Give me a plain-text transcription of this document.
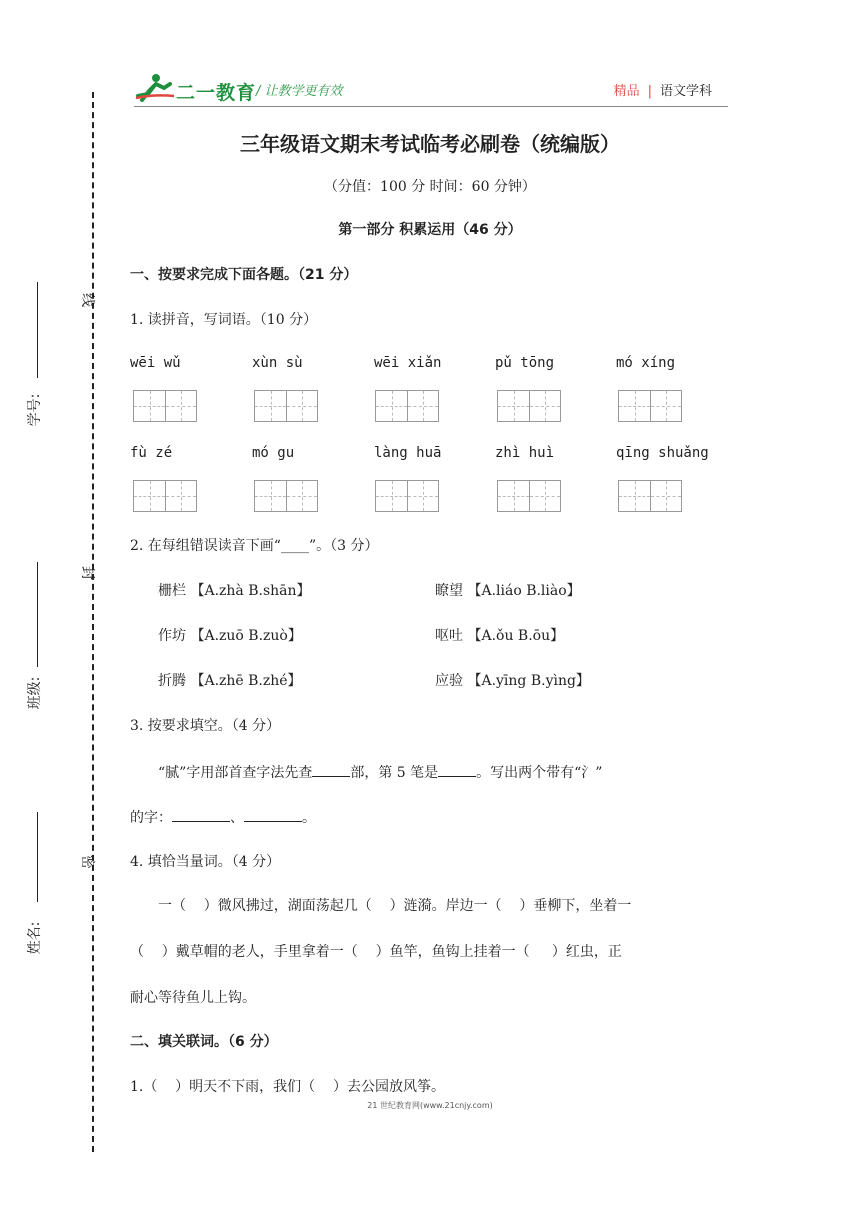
二一教育 / 让教学更有效	精品 | 语文学科
线
封
密
学号:
班级:
姓名:
三年级语文期末考试临考必刷卷（统编版）
（分值：100 分 时间：60 分钟）
第一部分 积累运用（46 分）
一、按要求完成下面各题。（21 分）
1. 读拼音，写词语。（10 分）
wēi wǔ	xùn sù	wēi xiǎn	pǔ tōng	mó xíng
fù zé	mó gu	làng huā	zhì huì	qīng shuǎng
2. 在每组错误读音下画“____”。（3 分）
栅栏 【A.zhà B.shān】	瞭望 【A.liáo B.liào】
作坊 【A.zuō B.zuò】	呕吐 【A.ǒu B.ōu】
折腾 【A.zhē B.zhé】	应验 【A.yīng B.yìng】
3. 按要求填空。（4 分）
“腻”字用部首查字法先查	部，第 5 笔是	。写出两个带有“氵”
的字：	、	。
4. 填恰当量词。（4 分）
一（    ）微风拂过，湖面荡起几（    ）涟漪。岸边一（    ）垂柳下，坐着一
（    ）戴草帽的老人，手里拿着一（    ）鱼竿，鱼钩上挂着一（     ）红虫，正
耐心等待鱼儿上钩。
二、填关联词。（6 分）
1.（    ）明天不下雨，我们（    ）去公园放风筝。
21 世纪教育网(www.21cnjy.com)
